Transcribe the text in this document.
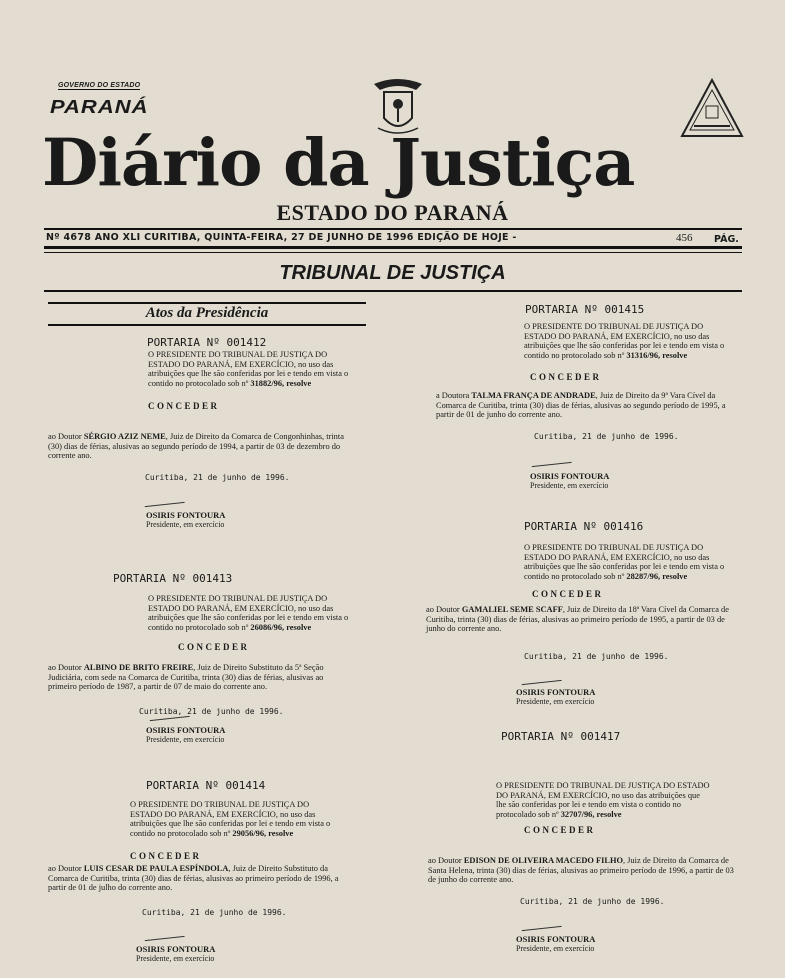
GOVERNO DO ESTADO
PARANÁ
Diário da Justiça
ESTADO DO PARANÁ
Nº 4678 ANO XLI CURITIBA, QUINTA-FEIRA, 27 DE JUNHO DE 1996 EDIÇÃO DE HOJE -	456 PÁG.
TRIBUNAL DE JUSTIÇA
Atos da Presidência
PORTARIA Nº 001412
O PRESIDENTE DO TRIBUNAL DE JUSTIÇA DO ESTADO DO PARANÁ, EM EXERCÍCIO, no uso das atribuições que lhe são conferidas por lei e tendo em vista o contido no protocolado sob nº 31882/96, resolve
CONCEDER
ao Doutor SÉRGIO AZIZ NEME, Juiz de Direito da Comarca de Congonhinhas, trinta (30) dias de férias, alusivas ao segundo período de 1994, a partir de 03 de dezembro do corrente ano.
Curitiba, 21 de junho de 1996.
OSIRIS FONTOURA
Presidente, em exercício
PORTARIA Nº 001413
O PRESIDENTE DO TRIBUNAL DE JUSTIÇA DO ESTADO DO PARANÁ, EM EXERCÍCIO, no uso das atribuições que lhe são conferidas por lei e tendo em vista o contido no protocolado sob nº 26086/96, resolve
CONCEDER
ao Doutor ALBINO DE BRITO FREIRE, Juiz de Direito Substituto da 5ª Seção Judiciária, com sede na Comarca de Curitiba, trinta (30) dias de férias, alusivas ao primeiro período de 1987, a partir de 07 de maio do corrente ano.
Curitiba, 21 de junho de 1996.
OSIRIS FONTOURA
Presidente, em exercício
PORTARIA Nº 001414
O PRESIDENTE DO TRIBUNAL DE JUSTIÇA DO ESTADO DO PARANÁ, EM EXERCÍCIO, no uso das atribuições que lhe são conferidas por lei e tendo em vista o contido no protocolado sob nº 29056/96, resolve
CONCEDER
ao Doutor LUIS CESAR DE PAULA ESPÍNDOLA, Juiz de Direito Substituto da Comarca de Curitiba, trinta (30) dias de férias, alusivas ao primeiro período de 1996, a partir de 01 de julho do corrente ano.
Curitiba, 21 de junho de 1996.
OSIRIS FONTOURA
Presidente, em exercício
PORTARIA Nº 001415
O PRESIDENTE DO TRIBUNAL DE JUSTIÇA DO ESTADO DO PARANÁ, EM EXERCÍCIO, no uso das atribuições que lhe são conferidas por lei e tendo em vista o contido no protocolado sob nº 31316/96, resolve
CONCEDER
a Doutora TALMA FRANÇA DE ANDRADE, Juiz de Direito da 9ª Vara Cível da Comarca de Curitiba, trinta (30) dias de férias, alusivas ao segundo período de 1995, a partir de 01 de junho do corrente ano.
Curitiba, 21 de junho de 1996.
OSIRIS FONTOURA
Presidente, em exercício
PORTARIA Nº 001416
O PRESIDENTE DO TRIBUNAL DE JUSTIÇA DO ESTADO DO PARANÁ, EM EXERCÍCIO, no uso das atribuições que lhe são conferidas por lei e tendo em vista o contido no protocolado sob nº 28287/96, resolve
CONCEDER
ao Doutor GAMALIEL SEME SCAFF, Juiz de Direito da 18ª Vara Cível da Comarca de Curitiba, trinta (30) dias de férias, alusivas ao primeiro período de 1995, a partir de 03 de junho do corrente ano.
Curitiba, 21 de junho de 1996.
OSIRIS FONTOURA
Presidente, em exercício
PORTARIA Nº 001417
O PRESIDENTE DO TRIBUNAL DE JUSTIÇA DO ESTADO DO PARANÁ, EM EXERCÍCIO, no uso das atribuições que lhe são conferidas por lei e tendo em vista o contido no protocolado sob nº 32707/96, resolve
CONCEDER
ao Doutor EDISON DE OLIVEIRA MACEDO FILHO, Juiz de Direito da Comarca de Santa Helena, trinta (30) dias de férias, alusivas ao primeiro período de 1996, a partir de 03 de junho do corrente ano.
Curitiba, 21 de junho de 1996.
OSIRIS FONTOURA
Presidente, em exercício
